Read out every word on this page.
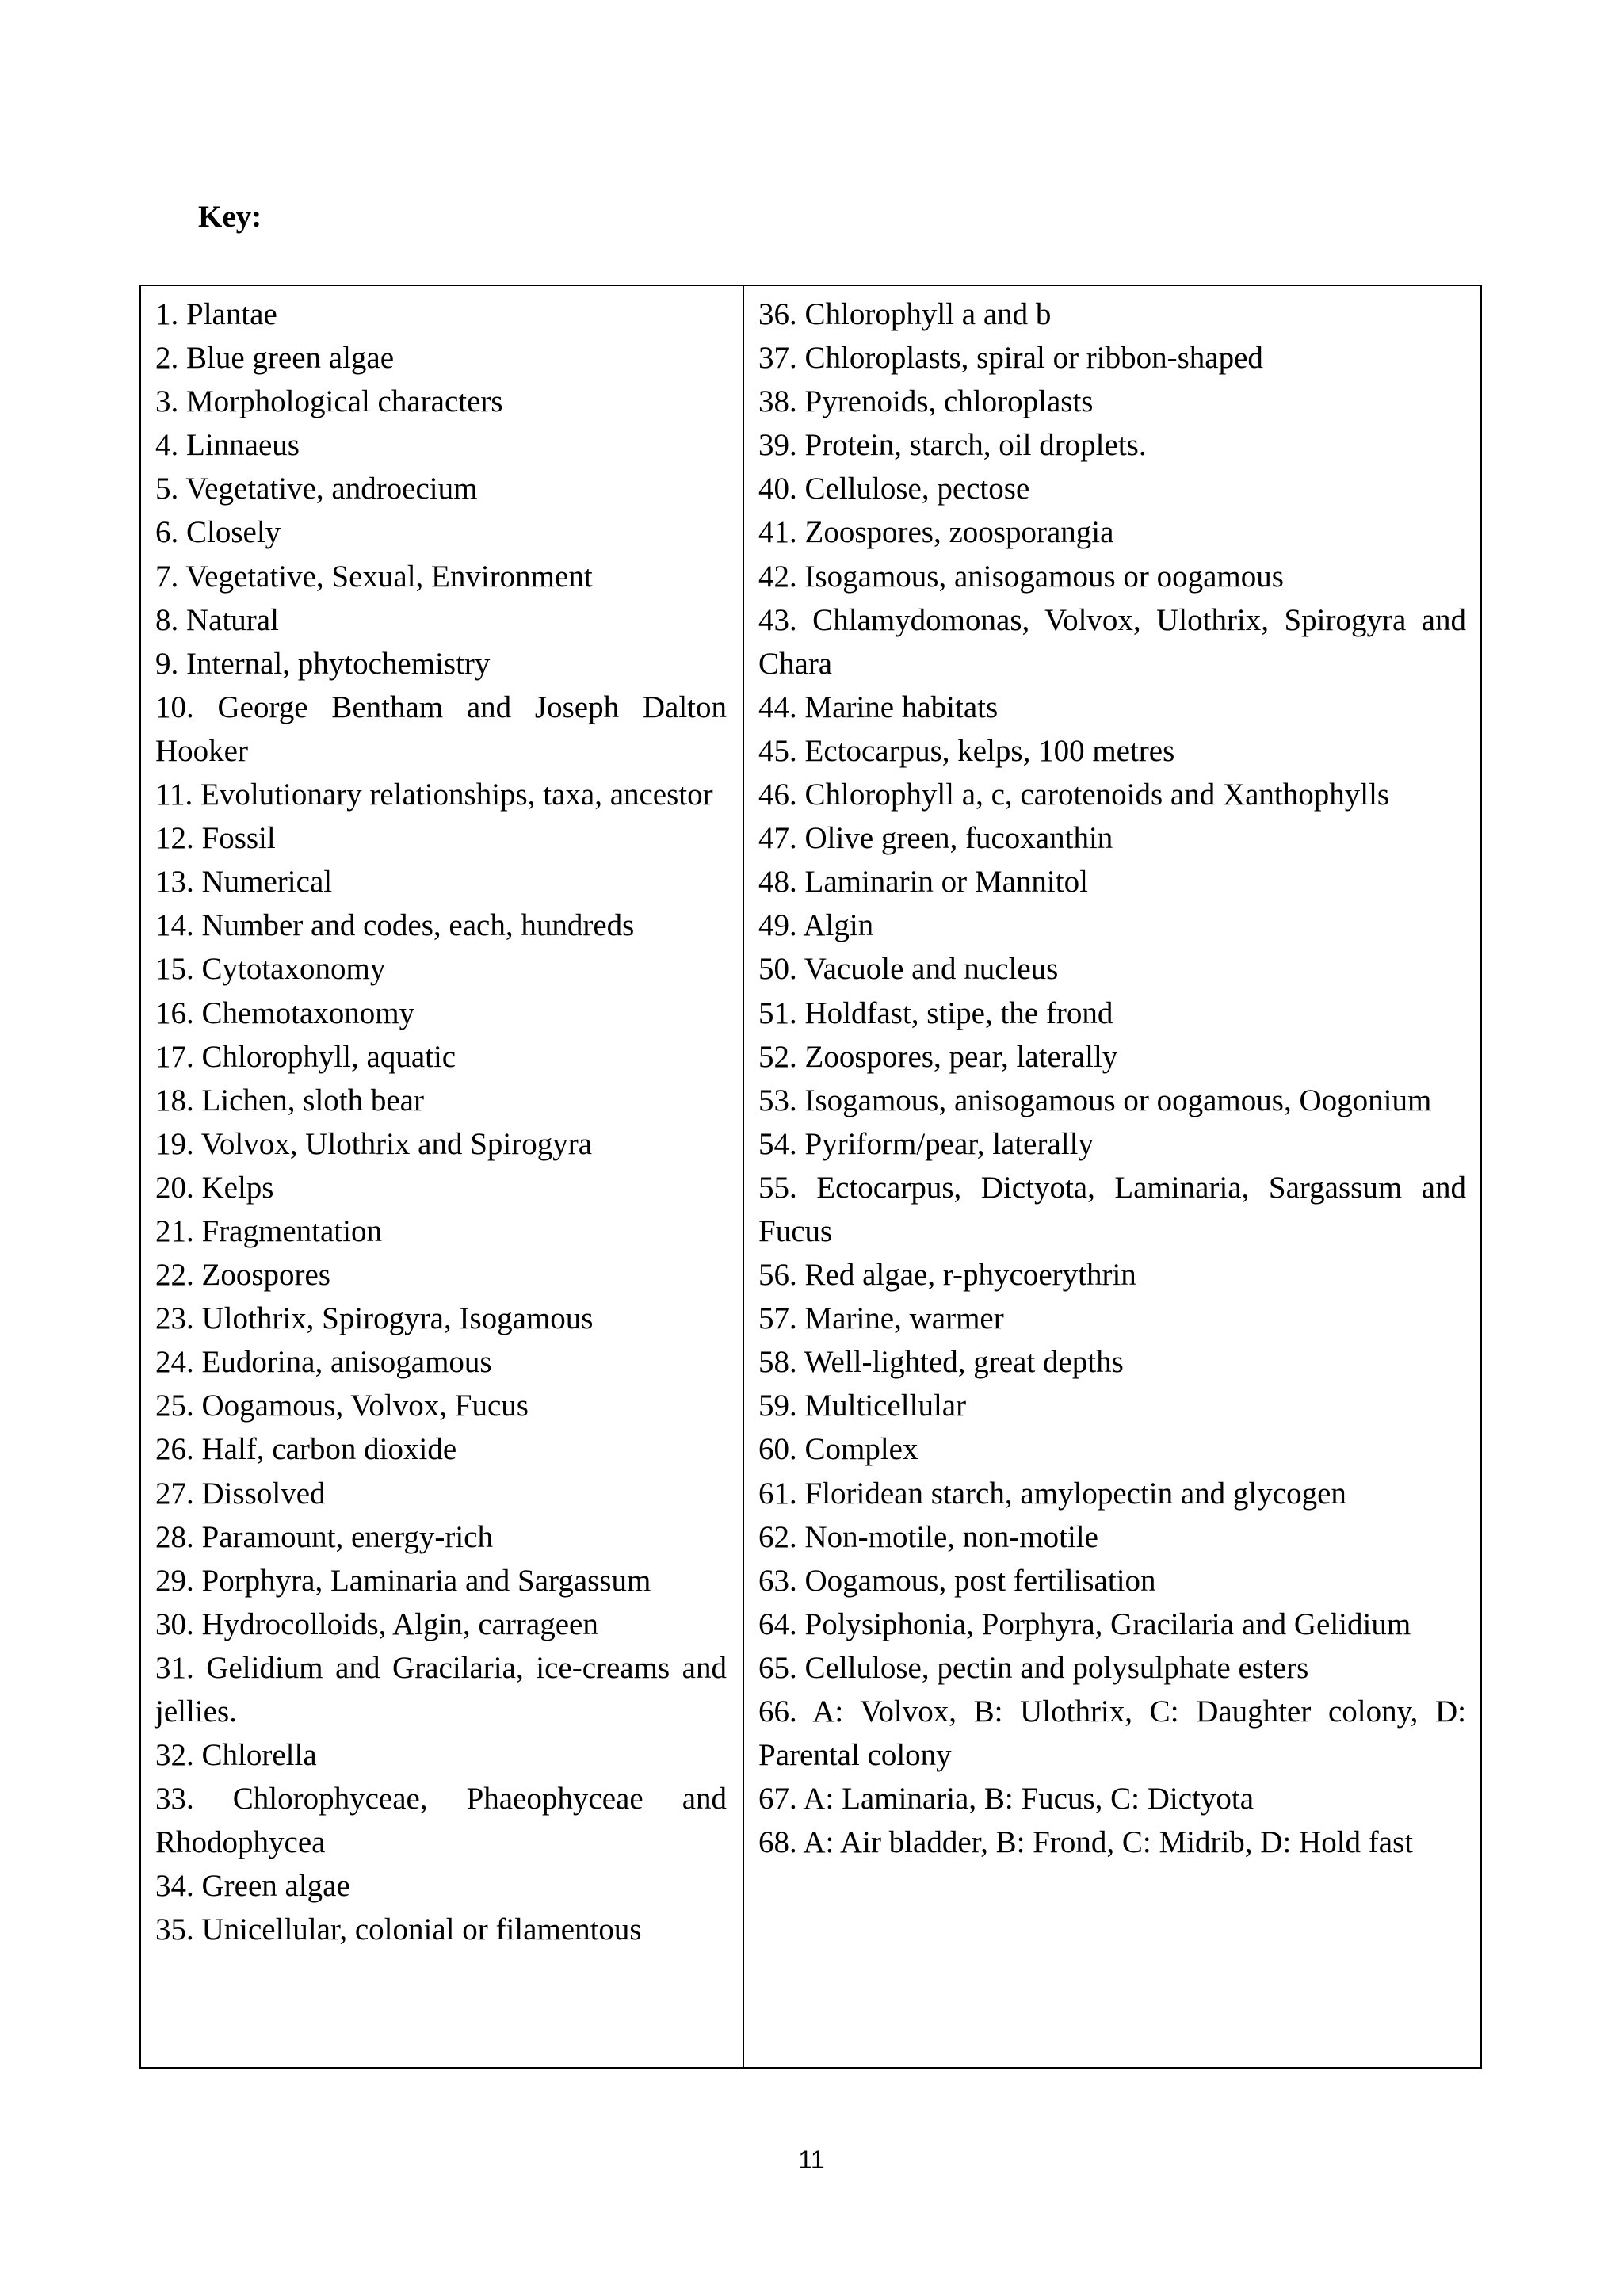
Key:
1. Plantae
2. Blue green algae
3. Morphological characters
4. Linnaeus
5. Vegetative, androecium
6. Closely
7. Vegetative, Sexual, Environment
8. Natural
9. Internal, phytochemistry
10. George Bentham and Joseph Dalton Hooker
11. Evolutionary relationships, taxa, ancestor
12. Fossil
13. Numerical
14. Number and codes, each, hundreds
15. Cytotaxonomy
16. Chemotaxonomy
17. Chlorophyll, aquatic
18. Lichen, sloth bear
19. Volvox, Ulothrix and Spirogyra
20. Kelps
21. Fragmentation
22. Zoospores
23. Ulothrix, Spirogyra, Isogamous
24. Eudorina, anisogamous
25. Oogamous, Volvox, Fucus
26. Half, carbon dioxide
27. Dissolved
28. Paramount, energy-rich
29. Porphyra, Laminaria and Sargassum
30. Hydrocolloids, Algin, carrageen
31. Gelidium and Gracilaria, ice-creams and jellies.
32. Chlorella
33. Chlorophyceae, Phaeophyceae and Rhodophycea
34. Green algae
35. Unicellular, colonial or filamentous
36. Chlorophyll a and b
37. Chloroplasts, spiral or ribbon-shaped
38. Pyrenoids, chloroplasts
39. Protein, starch, oil droplets.
40. Cellulose, pectose
41. Zoospores, zoosporangia
42. Isogamous, anisogamous or oogamous
43. Chlamydomonas, Volvox, Ulothrix, Spirogyra and Chara
44. Marine habitats
45. Ectocarpus, kelps, 100 metres
46. Chlorophyll a, c, carotenoids and Xanthophylls
47. Olive green, fucoxanthin
48. Laminarin or Mannitol
49. Algin
50. Vacuole and nucleus
51. Holdfast, stipe, the frond
52. Zoospores, pear, laterally
53. Isogamous, anisogamous or oogamous, Oogonium
54. Pyriform/pear, laterally
55. Ectocarpus, Dictyota, Laminaria, Sargassum and Fucus
56. Red algae, r-phycoerythrin
57. Marine, warmer
58. Well-lighted, great depths
59. Multicellular
60. Complex
61. Floridean starch, amylopectin and glycogen
62. Non-motile, non-motile
63. Oogamous, post fertilisation
64. Polysiphonia, Porphyra, Gracilaria and Gelidium
65. Cellulose, pectin and polysulphate esters
66. A: Volvox, B: Ulothrix, C: Daughter colony, D: Parental colony
67. A: Laminaria, B: Fucus, C: Dictyota
68. A: Air bladder, B: Frond, C: Midrib, D: Hold fast
11
